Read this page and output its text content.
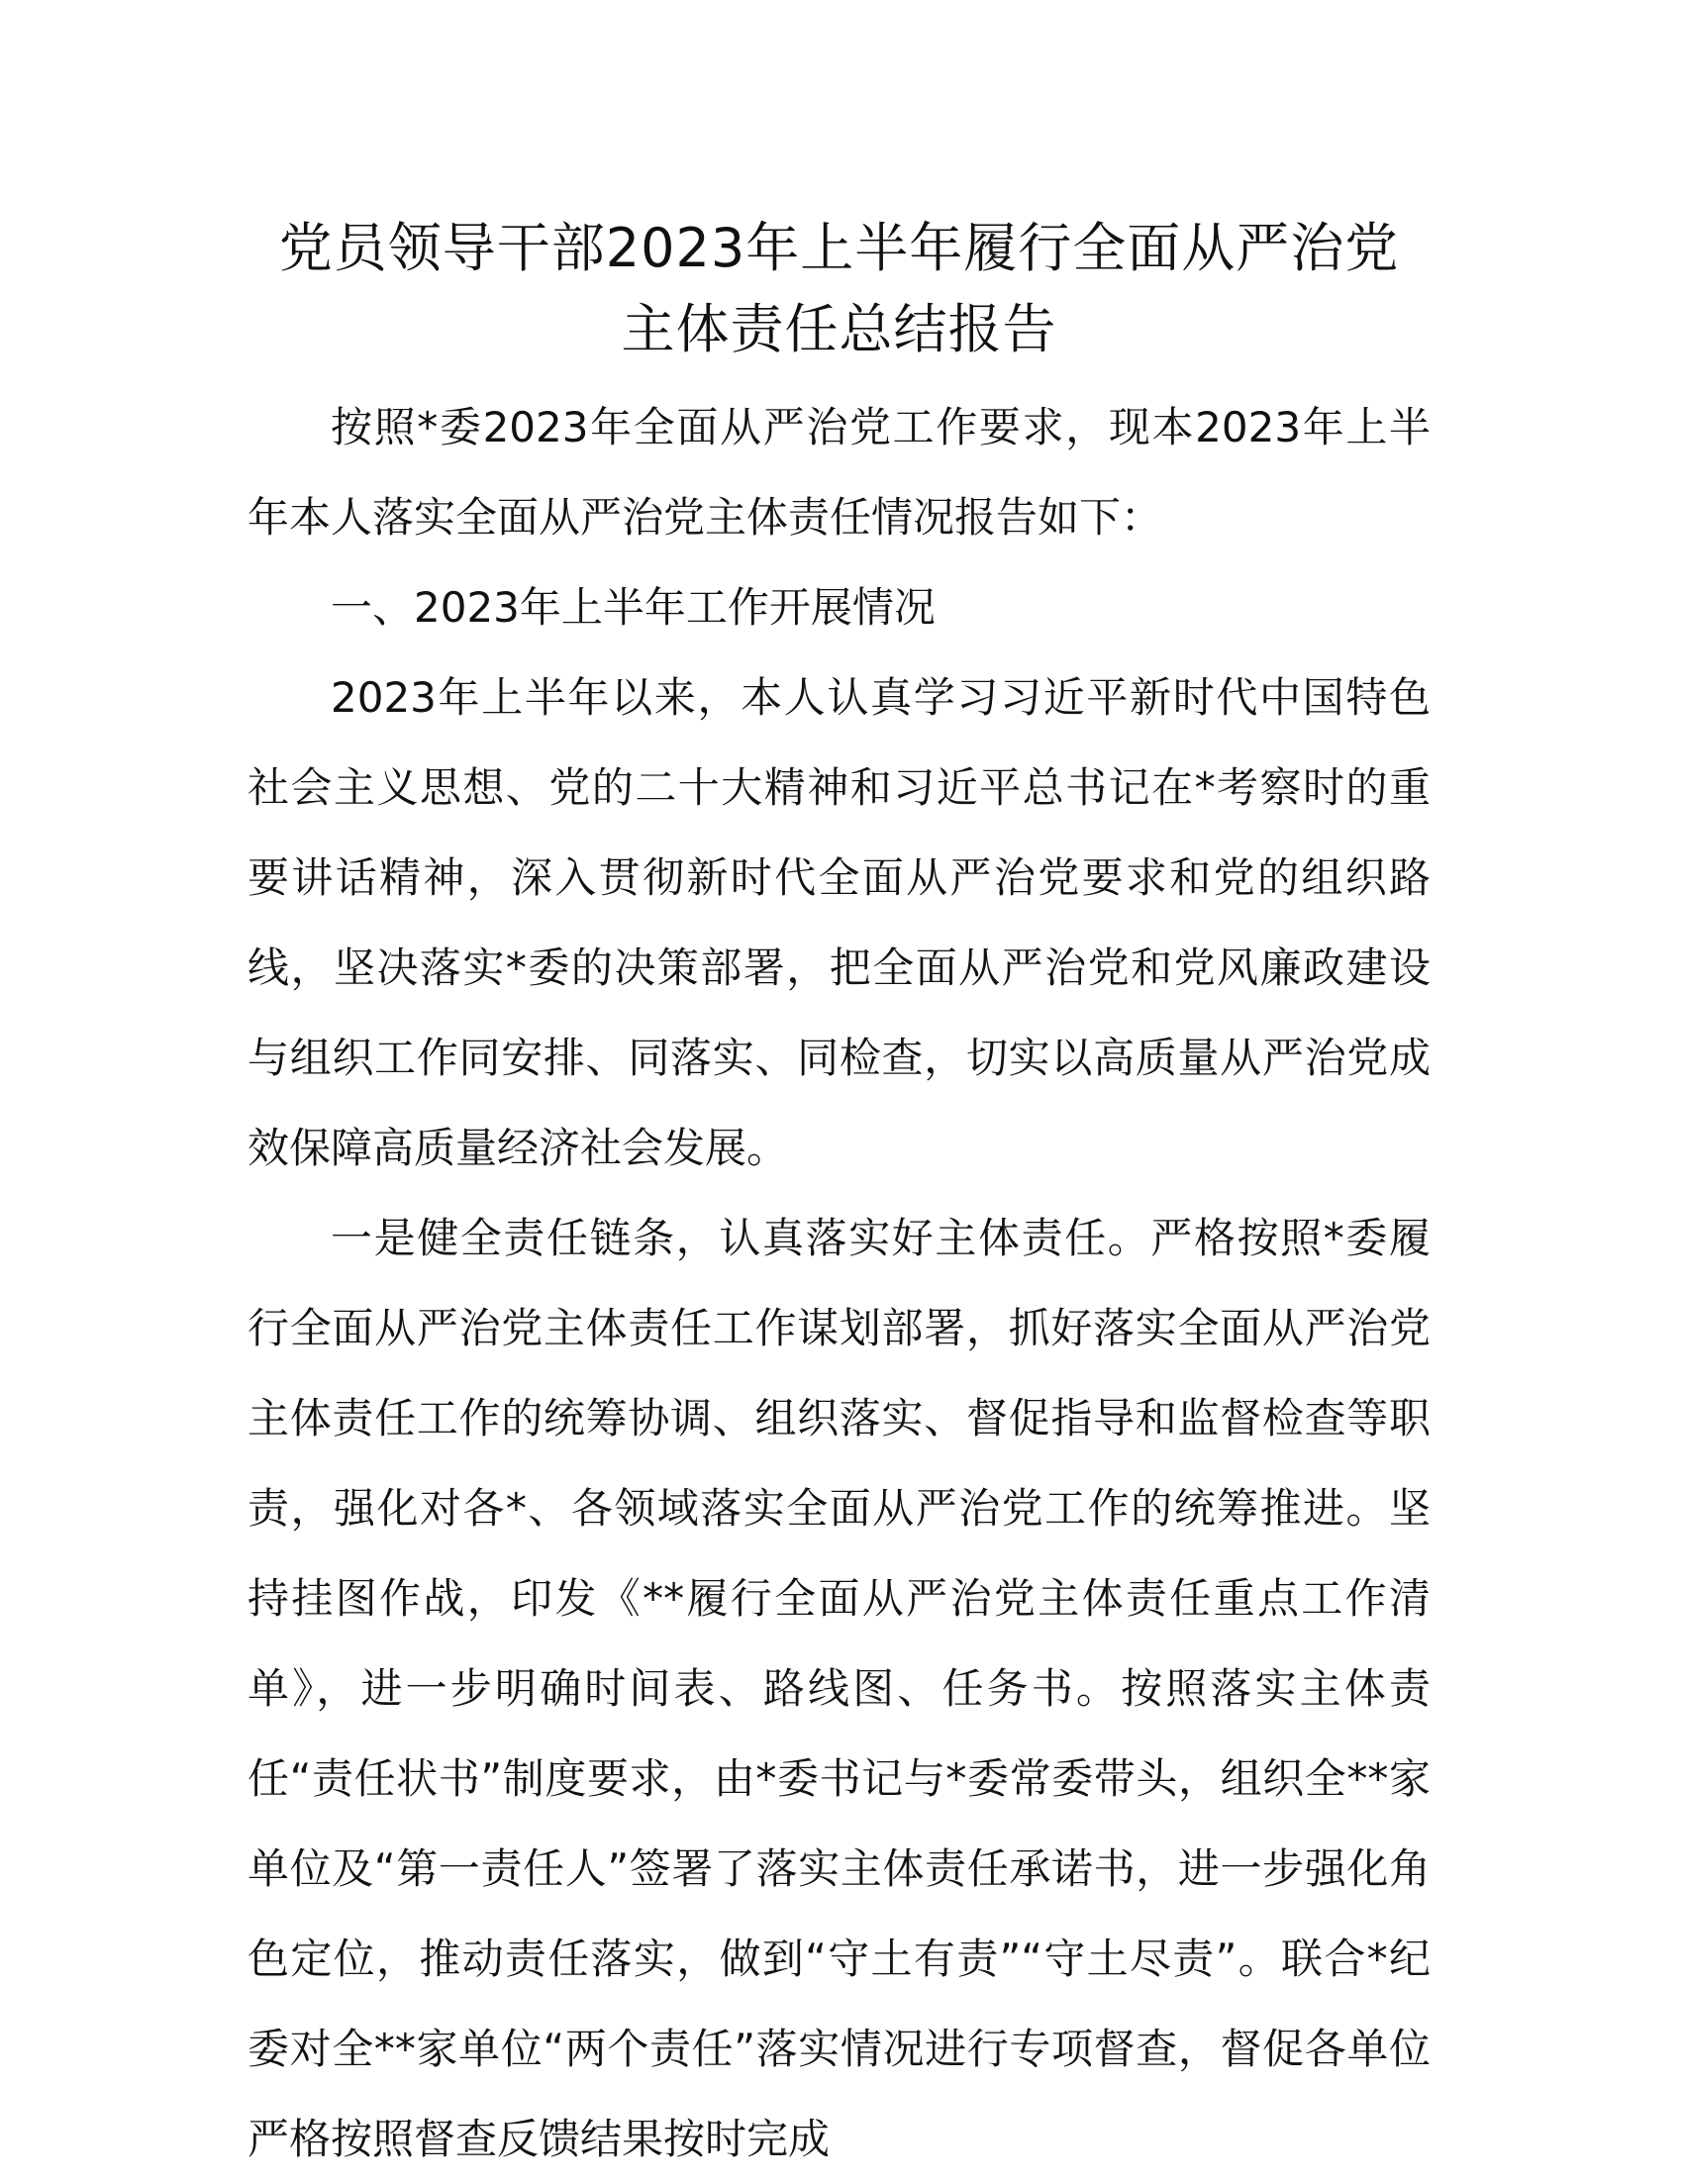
党员领导干部2023年上半年履行全面从严治党
主体责任总结报告

按照*委2023年全面从严治党工作要求，现本2023年上半年本人落实全面从严治党主体责任情况报告如下：

一、2023年上半年工作开展情况

2023年上半年以来，本人认真学习习近平新时代中国特色社会主义思想、党的二十大精神和习近平总书记在*考察时的重要讲话精神，深入贯彻新时代全面从严治党要求和党的组织路线，坚决落实*委的决策部署，把全面从严治党和党风廉政建设与组织工作同安排、同落实、同检查，切实以高质量从严治党成效保障高质量经济社会发展。

一是健全责任链条，认真落实好主体责任。严格按照*委履行全面从严治党主体责任工作谋划部署，抓好落实全面从严治党主体责任工作的统筹协调、组织落实、督促指导和监督检查等职责，强化对各*、各领域落实全面从严治党工作的统筹推进。坚持挂图作战，印发《**履行全面从严治党主体责任重点工作清单》，进一步明确时间表、路线图、任务书。按照落实主体责任“责任状书”制度要求，由*委书记与*委常委带头，组织全**家单位及“第一责任人”签署了落实主体责任承诺书，进一步强化角色定位，推动责任落实，做到“守土有责”“守土尽责”。联合*纪委对全**家单位“两个责任”落实情况进行专项督查，督促各单位严格按照督查反馈结果按时完成
